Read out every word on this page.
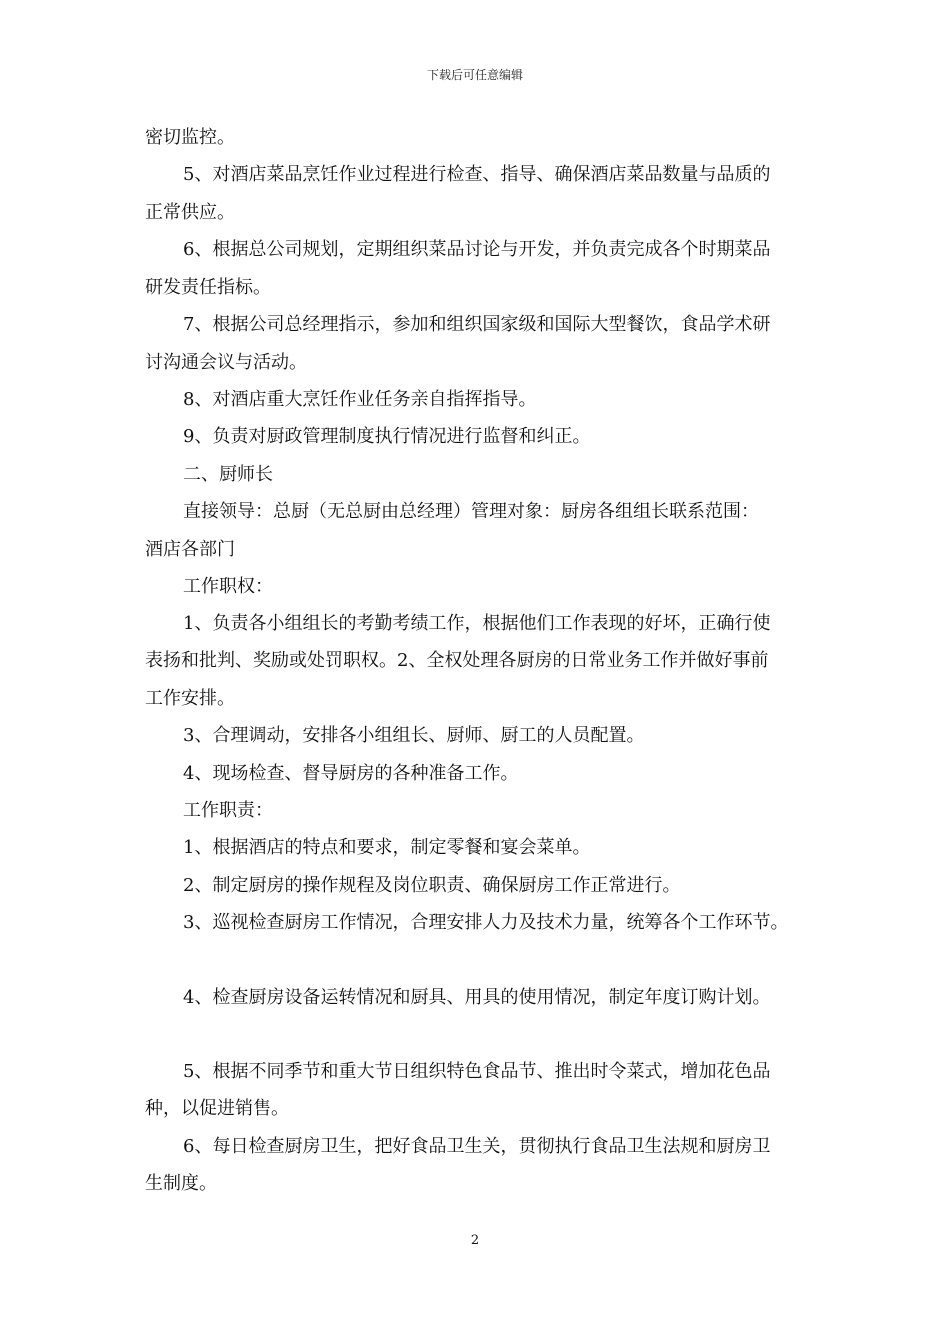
下载后可任意编辑
密切监控。
5、对酒店菜品烹饪作业过程进行检查、指导、确保酒店菜品数量与品质的
正常供应。
6、根据总公司规划，定期组织菜品讨论与开发，并负责完成各个时期菜品
研发责任指标。
7、根据公司总经理指示，参加和组织国家级和国际大型餐饮，食品学术研
讨沟通会议与活动。
8、对酒店重大烹饪作业任务亲自指挥指导。
9、负责对厨政管理制度执行情况进行监督和纠正。
二、厨师长
直接领导：总厨（无总厨由总经理）管理对象：厨房各组组长联系范围：
酒店各部门
工作职权：
1、负责各小组组长的考勤考绩工作，根据他们工作表现的好坏，正确行使
表扬和批判、奖励或处罚职权。2、全权处理各厨房的日常业务工作并做好事前
工作安排。
3、合理调动，安排各小组组长、厨师、厨工的人员配置。
4、现场检查、督导厨房的各种准备工作。
工作职责：
1、根据酒店的特点和要求，制定零餐和宴会菜单。
2、制定厨房的操作规程及岗位职责、确保厨房工作正常进行。
3、巡视检查厨房工作情况，合理安排人力及技术力量，统筹各个工作环节。
4、检查厨房设备运转情况和厨具、用具的使用情况，制定年度订购计划。
5、根据不同季节和重大节日组织特色食品节、推出时令菜式，增加花色品
种，以促进销售。
6、每日检查厨房卫生，把好食品卫生关，贯彻执行食品卫生法规和厨房卫
生制度。
2
